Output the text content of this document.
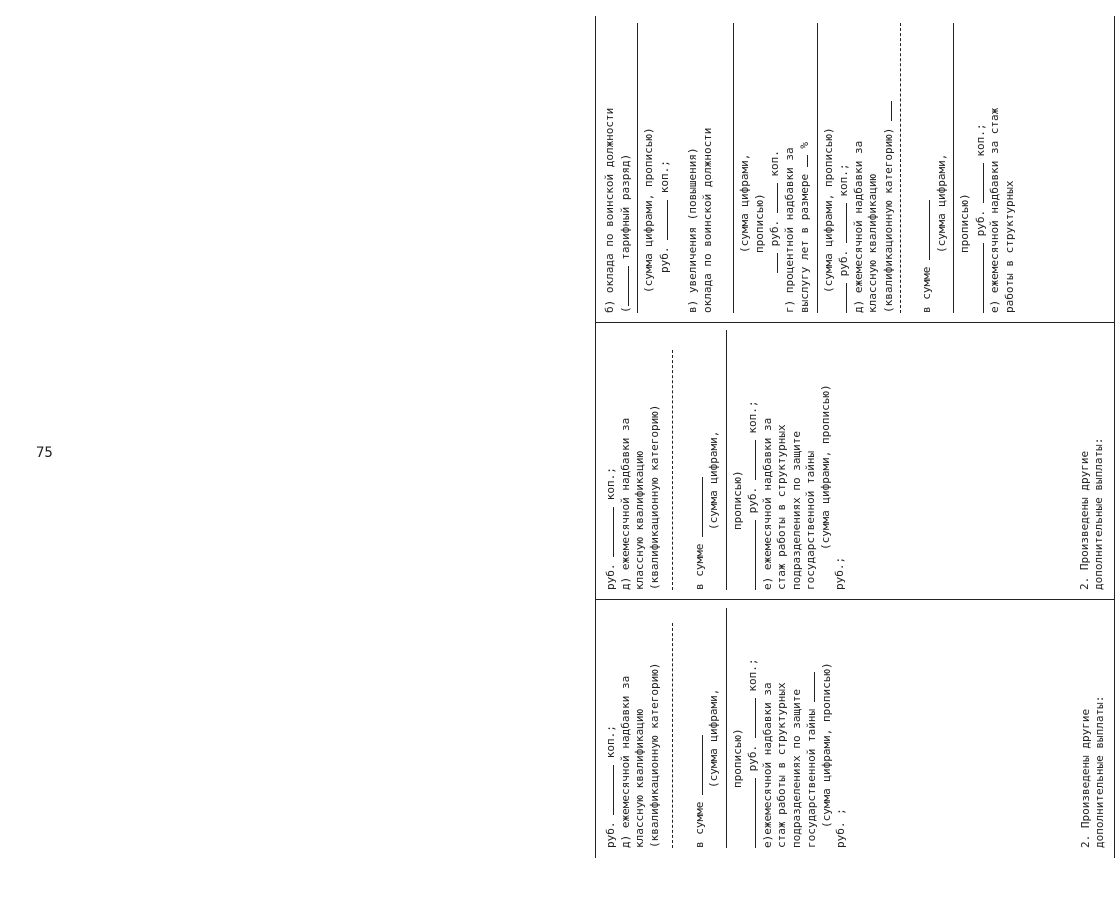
75
руб.  коп.; д) ежемесячной надбавки за классную квалификацию (квалификационную категорию)	в сумме
(сумма цифрами, прописью) руб.  коп.;
е)ежемесячной надбавки за стаж работы в структурных подразделениях по защите государственной тайны (сумма цифрами, прописью)
руб. ;	2. Произведены другие дополнительные выплаты:
руб.  коп.; д) ежемесячной надбавки за классную квалификацию (квалификационную категорию)	в сумме
(сумма цифрами, прописью) руб.  коп.;
е) ежемесячной надбавки за стаж работы в структурных подразделениях по защите государственной тайны (сумма цифрами, прописью)
руб.;	2. Произведены другие дополнительные выплаты:
б) оклада по воинской должности ( тарифный разряд) (сумма цифрами, прописью) руб.  коп.; в) увеличения (повышения) оклада по воинской должности (сумма цифрами, прописью) руб.  коп. г) процентной надбавки за выслугу лет в размере  % (сумма цифрами, прописью) руб.  коп.; д) ежемесячной надбавки за классную квалификацию (квалификационную категорию) в сумме
(сумма цифрами, прописью) руб.  коп.; е) ежемесячной надбавки за стаж работы в структурных
